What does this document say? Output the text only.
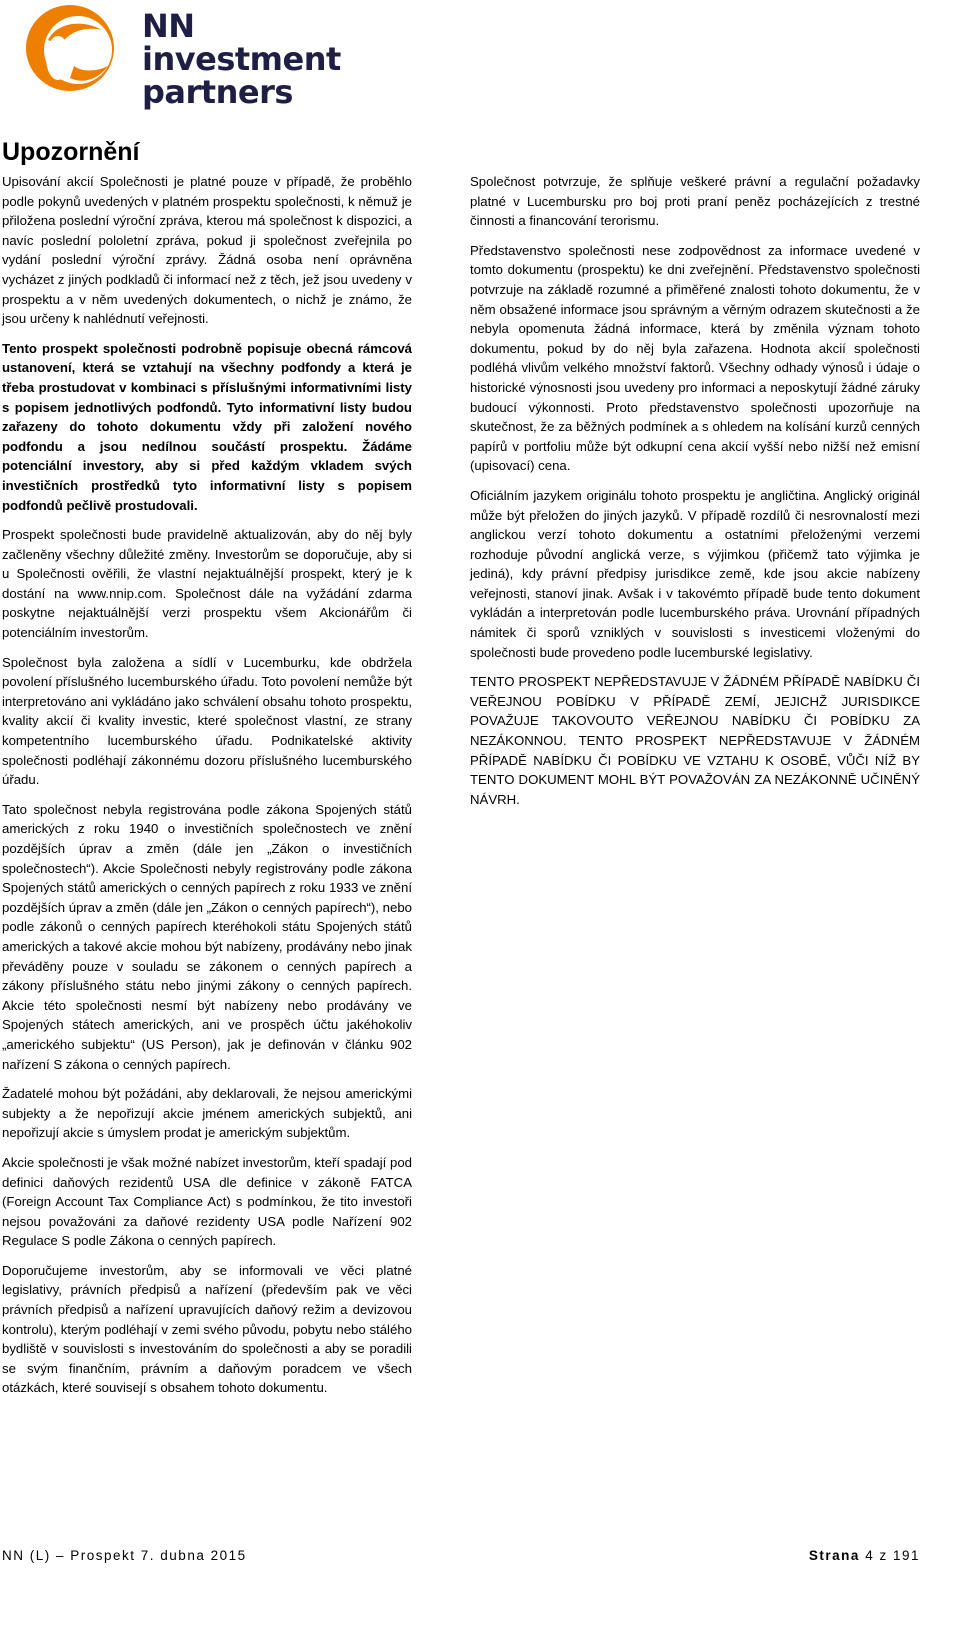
NN investment
partners
Upozornění

Upisování akcií Společnosti je platné pouze v případě, že proběhlo podle pokynů uvedených v platném prospektu společnosti, k němuž je přiložena poslední výroční zpráva, kterou má společnost k dispozici, a navíc poslední pololetní zpráva, pokud ji společnost zveřejnila po vydání poslední výroční zprávy. Žádná osoba není oprávněna vycházet z jiných podkladů či informací než z těch, jež jsou uvedeny v prospektu a v něm uvedených dokumentech, o nichž je známo, že jsou určeny k nahlédnutí veřejnosti.

Tento prospekt společnosti podrobně popisuje obecná rámcová ustanovení, která se vztahují na všechny podfondy a která je třeba prostudovat v kombinaci s příslušnými informativními listy s popisem jednotlivých podfondů. Tyto informativní listy budou zařazeny do tohoto dokumentu vždy při založení nového podfondu a jsou nedílnou součástí prospektu. Žádáme potenciální investory, aby si před každým vkladem svých investičních prostředků tyto informativní listy s popisem podfondů pečlivě prostudovali.

Prospekt společnosti bude pravidelně aktualizován, aby do něj byly začleněny všechny důležité změny. Investorům se doporučuje, aby si u Společnosti ověřili, že vlastní nejaktuálnější prospekt, který je k dostání na www.nnip.com. Společnost dále na vyžádání zdarma poskytne nejaktuálnější verzi prospektu všem Akcionářům či potenciálním investorům.

Společnost byla založena a sídlí v Lucemburku, kde obdržela povolení příslušného lucemburského úřadu. Toto povolení nemůže být interpretováno ani vykládáno jako schválení obsahu tohoto prospektu, kvality akcií či kvality investic, které společnost vlastní, ze strany kompetentního lucemburského úřadu. Podnikatelské aktivity společnosti podléhají zákonnému dozoru příslušného lucemburského úřadu.

Tato společnost nebyla registrována podle zákona Spojených států amerických z roku 1940 o investičních společnostech ve znění pozdějších úprav a změn (dále jen „Zákon o investičních společnostech“). Akcie Společnosti nebyly registrovány podle zákona Spojených států amerických o cenných papírech z roku 1933 ve znění pozdějších úprav a změn (dále jen „Zákon o cenných papírech“), nebo podle zákonů o cenných papírech kteréhokoli státu Spojených států amerických a takové akcie mohou být nabízeny, prodávány nebo jinak převáděny pouze v souladu se zákonem o cenných papírech a zákony příslušného státu nebo jinými zákony o cenných papírech. Akcie této společnosti nesmí být nabízeny nebo prodávány ve Spojených státech amerických, ani ve prospěch účtu jakéhokoliv „amerického subjektu“ (US Person), jak je definován v článku 902 nařízení S zákona o cenných papírech.

Žadatelé mohou být požádáni, aby deklarovali, že nejsou americkými subjekty a že nepořizují akcie jménem amerických subjektů, ani nepořizují akcie s úmyslem prodat je americkým subjektům.

Akcie společnosti je však možné nabízet investorům, kteří spadají pod definici daňových rezidentů USA dle definice v zákoně FATCA (Foreign Account Tax Compliance Act) s podmínkou, že tito investoři nejsou považováni za daňové rezidenty USA podle Nařízení 902 Regulace S podle Zákona o cenných papírech.

Doporučujeme investorům, aby se informovali ve věci platné legislativy, právních předpisů a nařízení (především pak ve věci právních předpisů a nařízení upravujících daňový režim a devizovou kontrolu), kterým podléhají v zemi svého původu, pobytu nebo stálého bydliště v souvislosti s investováním do společnosti a aby se poradili se svým finančním, právním a daňovým poradcem ve všech otázkách, které souvisejí s obsahem tohoto dokumentu.

Společnost potvrzuje, že splňuje veškeré právní a regulační požadavky platné v Lucembursku pro boj proti praní peněz pocházejících z trestné činnosti a financování terorismu.

Představenstvo společnosti nese zodpovědnost za informace uvedené v tomto dokumentu (prospektu) ke dni zveřejnění. Představenstvo společnosti potvrzuje na základě rozumné a přiměřené znalosti tohoto dokumentu, že v něm obsažené informace jsou správným a věrným odrazem skutečnosti a že nebyla opomenuta žádná informace, která by změnila význam tohoto dokumentu, pokud by do něj byla zařazena. Hodnota akcií společnosti podléhá vlivům velkého množství faktorů. Všechny odhady výnosů i údaje o historické výnosnosti jsou uvedeny pro informaci a neposkytují žádné záruky budoucí výkonnosti. Proto představenstvo společnosti upozorňuje na skutečnost, že za běžných podmínek a s ohledem na kolísání kurzů cenných papírů v portfoliu může být odkupní cena akcií vyšší nebo nižší než emisní (upisovací) cena.

Oficiálním jazykem originálu tohoto prospektu je angličtina. Anglický originál může být přeložen do jiných jazyků. V případě rozdílů či nesrovnalostí mezi anglickou verzí tohoto dokumentu a ostatními přeloženými verzemi rozhoduje původní anglická verze, s výjimkou (přičemž tato výjimka je jediná), kdy právní předpisy jurisdikce země, kde jsou akcie nabízeny veřejnosti, stanoví jinak. Avšak i v takovémto případě bude tento dokument vykládán a interpretován podle lucemburského práva. Urovnání případných námitek či sporů vzniklých v souvislosti s investicemi vloženými do společnosti bude provedeno podle lucemburské legislativy.

TENTO PROSPEKT NEPŘEDSTAVUJE V ŽÁDNÉM PŘÍPADĚ NABÍDKU ČI VEŘEJNOU POBÍDKU V PŘÍPADĚ ZEMÍ, JEJICHŽ JURISDIKCE POVAŽUJE TAKOVOUTO VEŘEJNOU NABÍDKU ČI POBÍDKU ZA NEZÁKONNOU. TENTO PROSPEKT NEPŘEDSTAVUJE V ŽÁDNÉM PŘÍPADĚ NABÍDKU ČI POBÍDKU VE VZTAHU K OSOBĚ, VŮČI NÍŽ BY TENTO DOKUMENT MOHL BÝT POVAŽOVÁN ZA NEZÁKONNĚ UČINĚNÝ NÁVRH.

NN (L) – Prospekt 7. dubna 2015	Strana 4 z 191
